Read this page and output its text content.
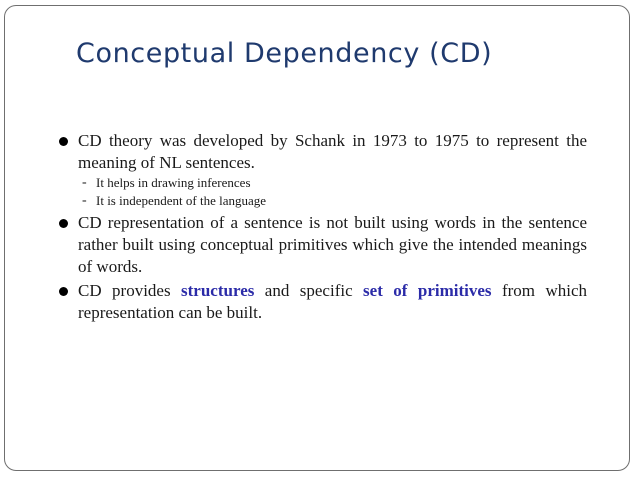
Conceptual Dependency (CD)
CD theory was developed by Schank in 1973 to 1975 to represent the meaning of NL sentences.
- It helps in drawing inferences
- It is independent of the language
CD representation of a sentence is not built using words in the sentence rather built using conceptual primitives which give the intended meanings of words.
CD provides structures and specific set of primitives from which representation can be built.
